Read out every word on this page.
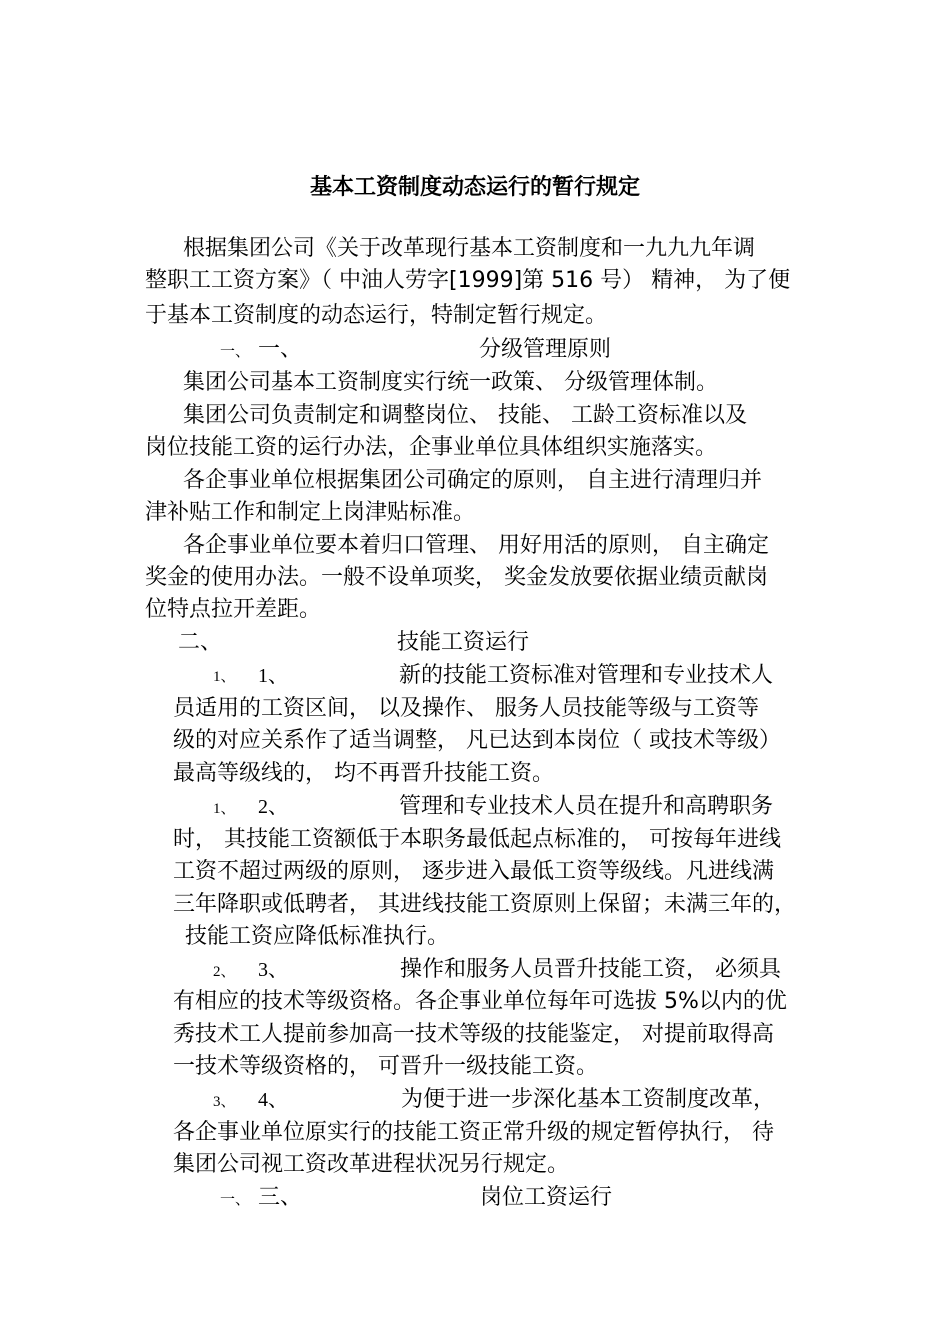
基本工资制度动态运行的暂行规定
根据集团公司《关于改革现行基本工资制度和一九九九年调
整职工工资方案》（ 中油人劳字[1999]第 516 号） 精神， 为了便
于基本工资制度的动态运行，特制定暂行规定。
一、 一、	分级管理原则
集团公司基本工资制度实行统一政策、 分级管理体制。
集团公司负责制定和调整岗位、 技能、 工龄工资标准以及
岗位技能工资的运行办法，企事业单位具体组织实施落实。
各企事业单位根据集团公司确定的原则， 自主进行清理归并
津补贴工作和制定上岗津贴标准。
各企事业单位要本着归口管理、 用好用活的原则， 自主确定
奖金的使用办法。一般不设单项奖， 奖金发放要依据业绩贡献岗
位特点拉开差距。
二、	技能工资运行
1、 1、	新的技能工资标准对管理和专业技术人
员适用的工资区间， 以及操作、 服务人员技能等级与工资等
级的对应关系作了适当调整， 凡已达到本岗位（ 或技术等级）
最高等级线的， 均不再晋升技能工资。
1、 2、	管理和专业技术人员在提升和高聘职务
时， 其技能工资额低于本职务最低起点标准的， 可按每年进线
工资不超过两级的原则， 逐步进入最低工资等级线。凡进线满
三年降职或低聘者， 其进线技能工资原则上保留；未满三年的，
技能工资应降低标准执行。
2、 3、	操作和服务人员晋升技能工资， 必须具
有相应的技术等级资格。各企事业单位每年可选拔 5%以内的优
秀技术工人提前参加高一技术等级的技能鉴定， 对提前取得高
一技术等级资格的， 可晋升一级技能工资。
3、 4、	为便于进一步深化基本工资制度改革，
各企事业单位原实行的技能工资正常升级的规定暂停执行， 待
集团公司视工资改革进程状况另行规定。
一、 三、	岗位工资运行
